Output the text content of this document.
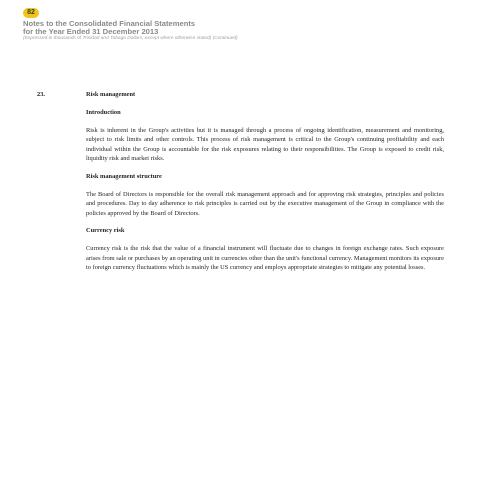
82
Notes to the Consolidated Financial Statements
for the Year Ended 31 December 2013
(Expressed in thousands of Trinidad and Tobago Dollars, except where otherwise stated) (Continued)
23.	Risk management
Introduction

Risk is inherent in the Group's activities but it is managed through a process of ongoing identification, measurement and monitoring, subject to risk limits and other controls. This process of risk management is critical to the Group's continuing profitability and each individual within the Group is accountable for the risk exposures relating to their responsibilities. The Group is exposed to credit risk, liquidity risk and market risks.

Risk management structure

The Board of Directors is responsible for the overall risk management approach and for approving risk strategies, principles and policies and procedures. Day to day adherence to risk principles is carried out by the executive management of the Group in compliance with the policies approved by the Board of Directors.

Currency risk

Currency risk is the risk that the value of a financial instrument will fluctuate due to changes in foreign exchange rates. Such exposure arises from sale or purchases by an operating unit in currencies other than the unit's functional currency. Management monitors its exposure to foreign currency fluctuations which is mainly the US currency and employs appropriate strategies to mitigate any potential losses.
